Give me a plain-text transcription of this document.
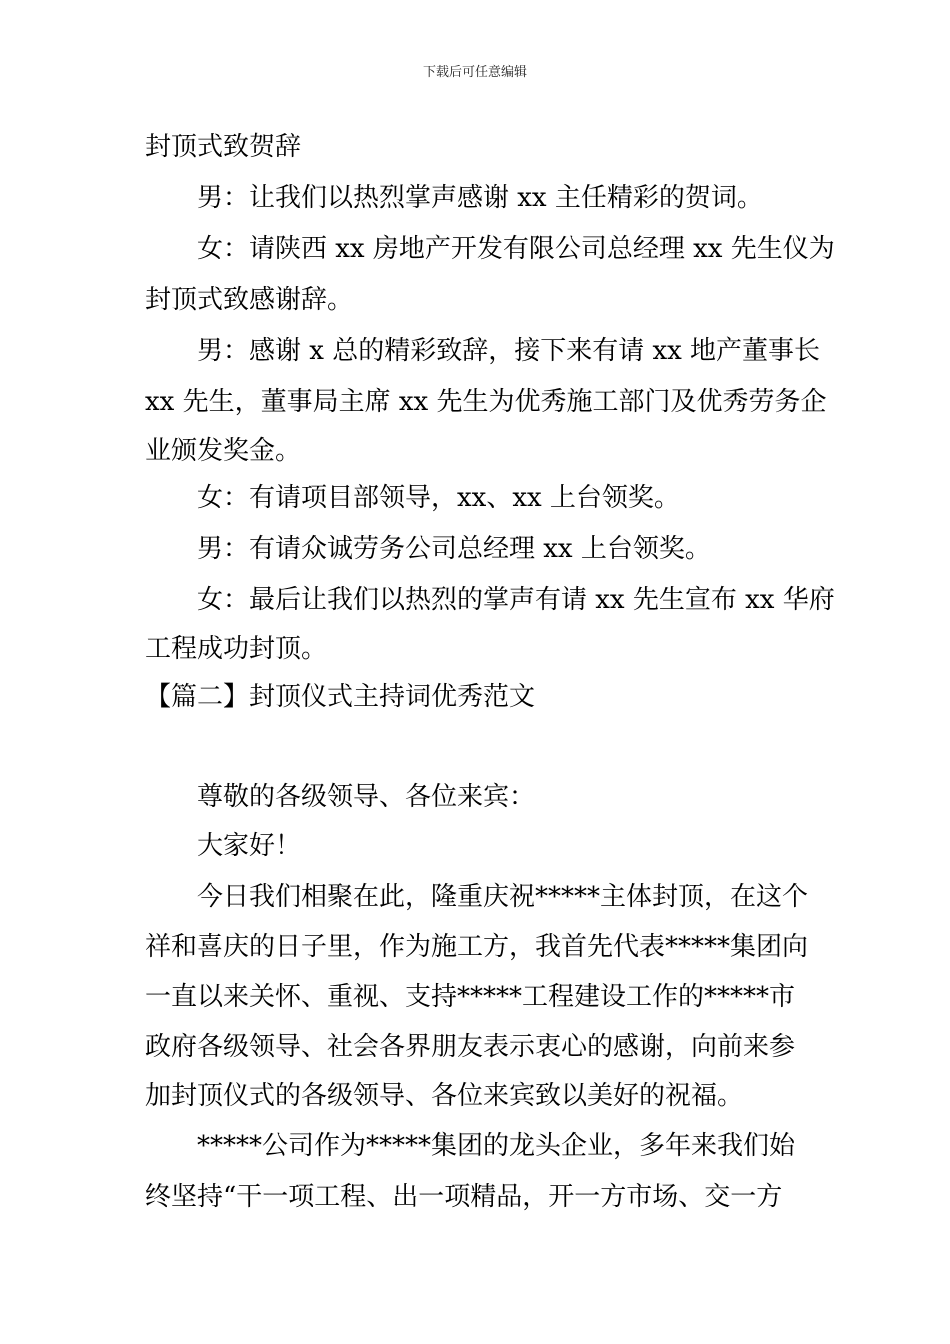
下载后可任意编辑
封顶式致贺辞
男：让我们以热烈掌声感谢 xx 主任精彩的贺词。
女：请陕西 xx 房地产开发有限公司总经理 xx 先生仪为
封顶式致感谢辞。
男：感谢 x 总的精彩致辞，接下来有请 xx 地产董事长
xx 先生，董事局主席 xx 先生为优秀施工部门及优秀劳务企
业颁发奖金。
女：有请项目部领导，xx、xx 上台领奖。
男：有请众诚劳务公司总经理 xx 上台领奖。
女：最后让我们以热烈的掌声有请 xx 先生宣布 xx 华府
工程成功封顶。
【篇二】封顶仪式主持词优秀范文
尊敬的各级领导、各位来宾：
大家好！
今日我们相聚在此，隆重庆祝*****主体封顶，在这个
祥和喜庆的日子里，作为施工方，我首先代表*****集团向
一直以来关怀、重视、支持*****工程建设工作的*****市
政府各级领导、社会各界朋友表示衷心的感谢，向前来参
加封顶仪式的各级领导、各位来宾致以美好的祝福。
*****公司作为*****集团的龙头企业，多年来我们始
终坚持“干一项工程、出一项精品，开一方市场、交一方
